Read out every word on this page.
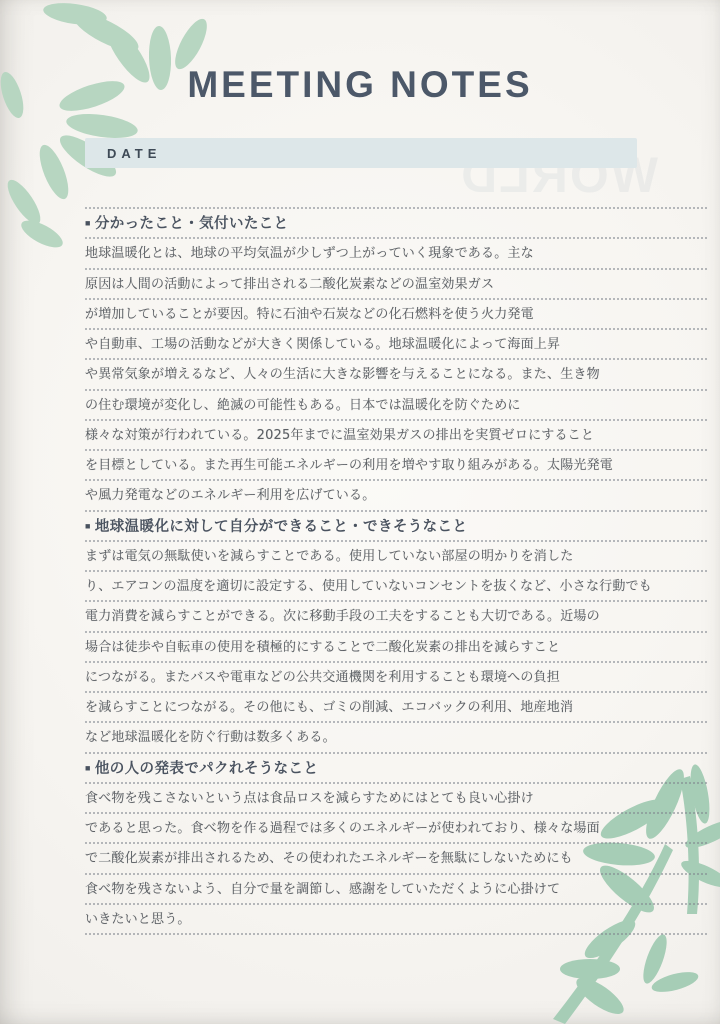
WORLD
MEETING NOTES
DATE
■ 分かったこと・気付いたこと
地球温暖化とは、地球の平均気温が少しずつ上がっていく現象である。主な
原因は人間の活動によって排出される二酸化炭素などの温室効果ガス
が増加していることが要因。特に石油や石炭などの化石燃料を使う火力発電
や自動車、工場の活動などが大きく関係している。地球温暖化によって海面上昇
や異常気象が増えるなど、人々の生活に大きな影響を与えることになる。また、生き物
の住む環境が変化し、絶滅の可能性もある。日本では温暖化を防ぐために
様々な対策が行われている。2025年までに温室効果ガスの排出を実質ゼロにすること
を目標としている。また再生可能エネルギーの利用を増やす取り組みがある。太陽光発電
や風力発電などのエネルギー利用を広げている。
■ 地球温暖化に対して自分ができること・できそうなこと
まずは電気の無駄使いを減らすことである。使用していない部屋の明かりを消した
り、エアコンの温度を適切に設定する、使用していないコンセントを抜くなど、小さな行動でも
電力消費を減らすことができる。次に移動手段の工夫をすることも大切である。近場の
場合は徒歩や自転車の使用を積極的にすることで二酸化炭素の排出を減らすこと
につながる。またバスや電車などの公共交通機関を利用することも環境への負担
を減らすことにつながる。その他にも、ゴミの削減、エコバックの利用、地産地消
など地球温暖化を防ぐ行動は数多くある。
■ 他の人の発表でパクれそうなこと
食べ物を残こさないという点は食品ロスを減らすためにはとても良い心掛け
であると思った。食べ物を作る過程では多くのエネルギーが使われており、様々な場面
で二酸化炭素が排出されるため、その使われたエネルギーを無駄にしないためにも
食べ物を残さないよう、自分で量を調節し、感謝をしていただくように心掛けて
いきたいと思う。
